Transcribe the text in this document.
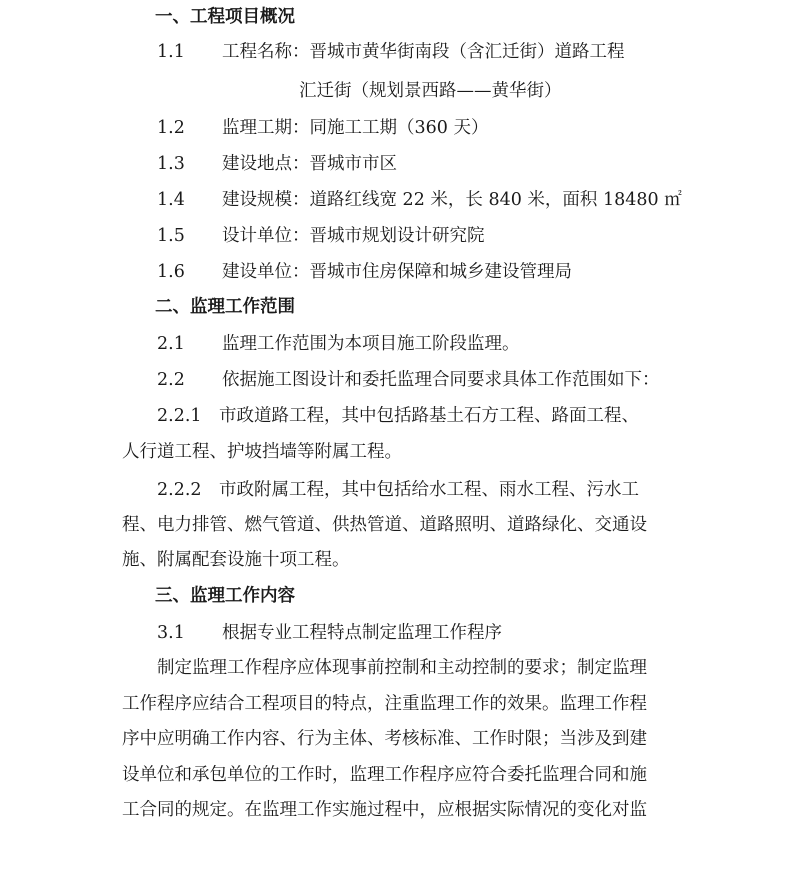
一、工程项目概况
1.1 工程名称：晋城市黄华街南段（含汇迁街）道路工程
汇迁街（规划景西路——黄华街）
1.2 监理工期：同施工工期（360 天）
1.3 建设地点：晋城市市区
1.4 建设规模：道路红线宽 22 米，长 840 米，面积 18480 ㎡
1.5 设计单位：晋城市规划设计研究院
1.6 建设单位：晋城市住房保障和城乡建设管理局
二、监理工作范围
2.1 监理工作范围为本项目施工阶段监理。
2.2 依据施工图设计和委托监理合同要求具体工作范围如下：
2.2.1　市政道路工程，其中包括路基土石方工程、路面工程、
人行道工程、护坡挡墙等附属工程。
2.2.2　市政附属工程，其中包括给水工程、雨水工程、污水工
程、电力排管、燃气管道、供热管道、道路照明、道路绿化、交通设
施、附属配套设施十项工程。
三、监理工作内容
3.1 根据专业工程特点制定监理工作程序
制定监理工作程序应体现事前控制和主动控制的要求；制定监理
工作程序应结合工程项目的特点，注重监理工作的效果。监理工作程
序中应明确工作内容、行为主体、考核标准、工作时限；当涉及到建
设单位和承包单位的工作时，监理工作程序应符合委托监理合同和施
工合同的规定。在监理工作实施过程中，应根据实际情况的变化对监
